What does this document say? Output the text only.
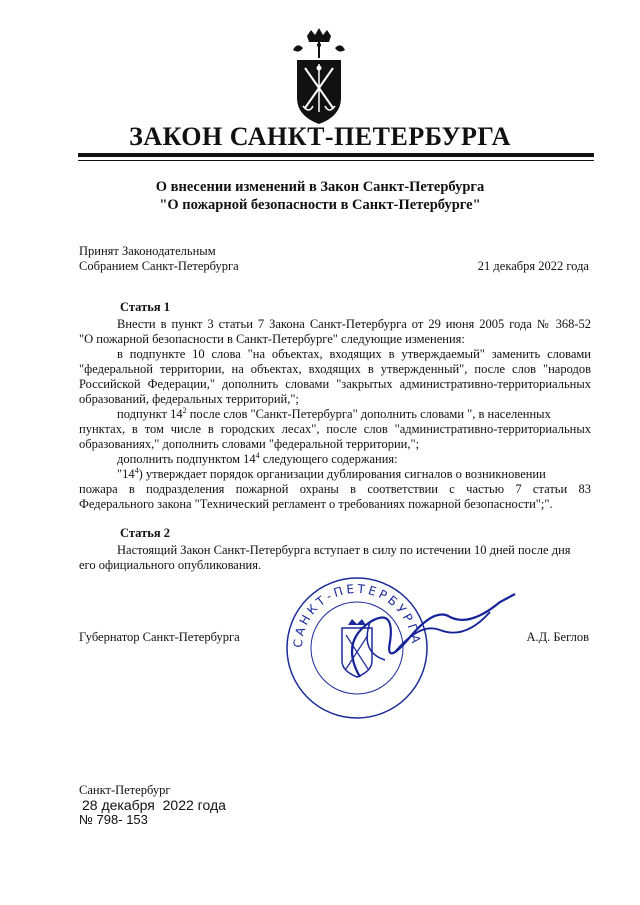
ЗАКОН САНКТ-ПЕТЕРБУРГА
О внесении изменений в Закон Санкт-Петербурга
"О пожарной безопасности в Санкт-Петербурге"
Принят Законодательным
Собранием Санкт-Петербурга	21 декабря 2022 года
Статья 1
Внести в пункт 3 статьи 7 Закона Санкт-Петербурга от 29 июня 2005 года № 368-52
"О пожарной безопасности в Санкт-Петербурге" следующие изменения:
в подпункте 10 слова "на объектах, входящих в утверждаемый" заменить словами
"федеральной территории, на объектах, входящих в утвержденный", после слов "народов
Российской Федерации," дополнить словами "закрытых административно-территориальных
образований, федеральных территорий,";
подпункт $14^2$ после слов "Санкт-Петербурга" дополнить словами ", в населенных
пунктах, в том числе в городских лесах", после слов "административно-территориальных
образованиях," дополнить словами "федеральной территории,";
дополнить подпунктом $14^4$ следующего содержания:
"$14^4$) утверждает порядок организации дублирования сигналов о возникновении
пожара в подразделения пожарной охраны в соответствии с частью 7 статьи 83
Федерального закона "Технический регламент о требованиях пожарной безопасности";".
Статья 2
Настоящий Закон Санкт-Петербурга вступает в силу по истечении 10 дней после дня
его официального опубликования.
САНКТ-ПЕТЕРБУРГА
Губернатор Санкт-Петербурга	А.Д. Беглов
Санкт-Петербург
28 декабря  2022 года
№ 798- 153
